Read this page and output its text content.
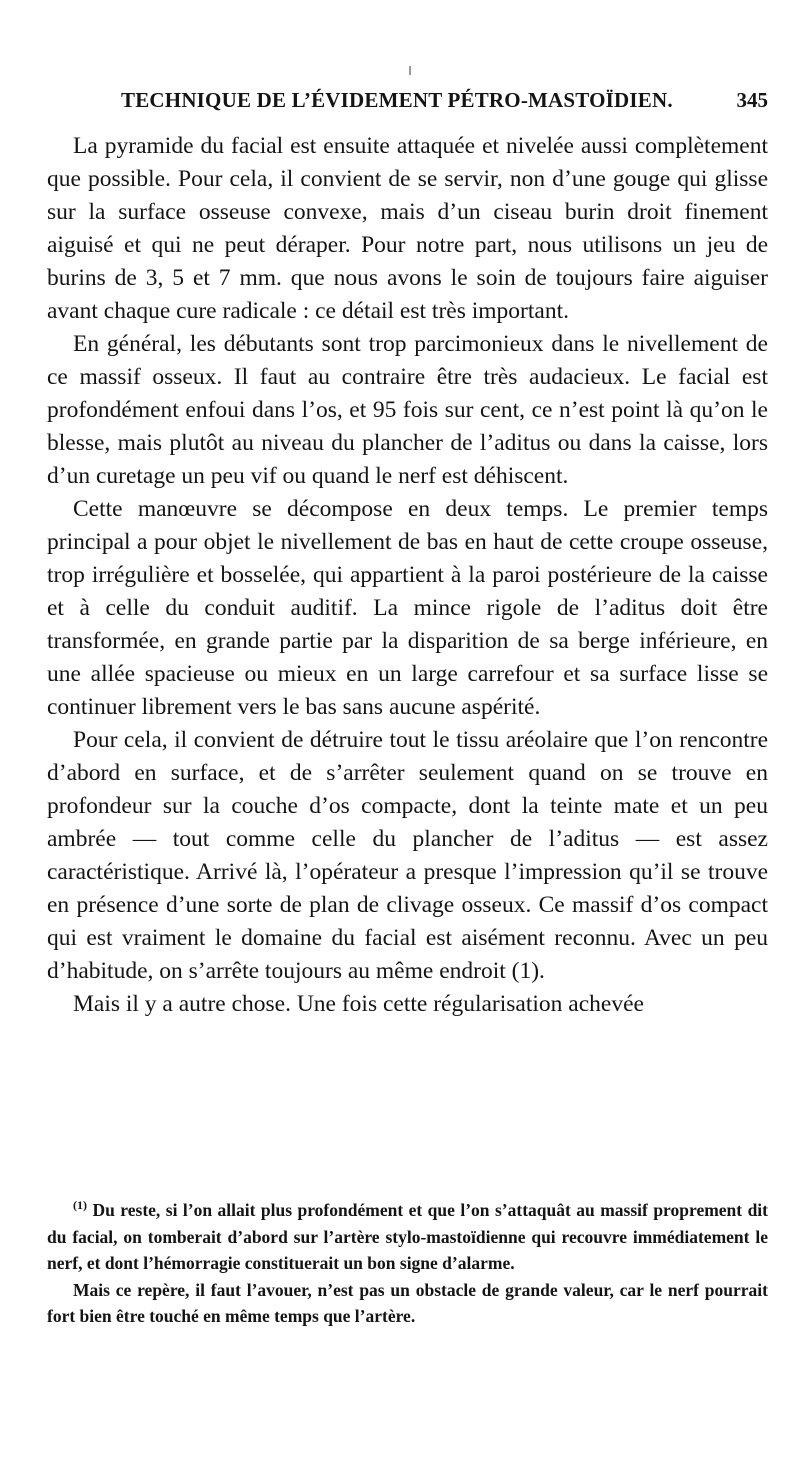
TECHNIQUE DE L’ÉVIDEMENT PÉTRO-MASTOÏDIEN.	345

La pyramide du facial est ensuite attaquée et nivelée aussi complètement que possible. Pour cela, il convient de se servir, non d’une gouge qui glisse sur la surface osseuse convexe, mais d’un ciseau burin droit finement aiguisé et qui ne peut déraper. Pour notre part, nous utilisons un jeu de burins de 3, 5 et 7 mm. que nous avons le soin de toujours faire aiguiser avant chaque cure radicale : ce détail est très important.

En général, les débutants sont trop parcimonieux dans le nivellement de ce massif osseux. Il faut au contraire être très audacieux. Le facial est profondément enfoui dans l’os, et 95 fois sur cent, ce n’est point là qu’on le blesse, mais plutôt au niveau du plancher de l’aditus ou dans la caisse, lors d’un curetage un peu vif ou quand le nerf est déhiscent.

Cette manœuvre se décompose en deux temps. Le premier temps principal a pour objet le nivellement de bas en haut de cette croupe osseuse, trop irrégulière et bosselée, qui appartient à la paroi postérieure de la caisse et à celle du conduit auditif. La mince rigole de l’aditus doit être transformée, en grande partie par la disparition de sa berge inférieure, en une allée spacieuse ou mieux en un large carrefour et sa surface lisse se continuer librement vers le bas sans aucune aspérité.

Pour cela, il convient de détruire tout le tissu aréolaire que l’on rencontre d’abord en surface, et de s’arrêter seulement quand on se trouve en profondeur sur la couche d’os compacte, dont la teinte mate et un peu ambrée — tout comme celle du plancher de l’aditus — est assez caractéristique. Arrivé là, l’opérateur a presque l’impression qu’il se trouve en présence d’une sorte de plan de clivage osseux. Ce massif d’os compact qui est vraiment le domaine du facial est aisément reconnu. Avec un peu d’habitude, on s’arrête toujours au même endroit (1).

Mais il y a autre chose. Une fois cette régularisation achevée

$^{(1)}$ Du reste, si l’on allait plus profondément et que l’on s’attaquât au massif proprement dit du facial, on tomberait d’abord sur l’artère stylo-mastoïdienne qui recouvre immédiatement le nerf, et dont l’hémorragie constituerait un bon signe d’alarme.

Mais ce repère, il faut l’avouer, n’est pas un obstacle de grande valeur, car le nerf pourrait fort bien être touché en même temps que l’artère.
